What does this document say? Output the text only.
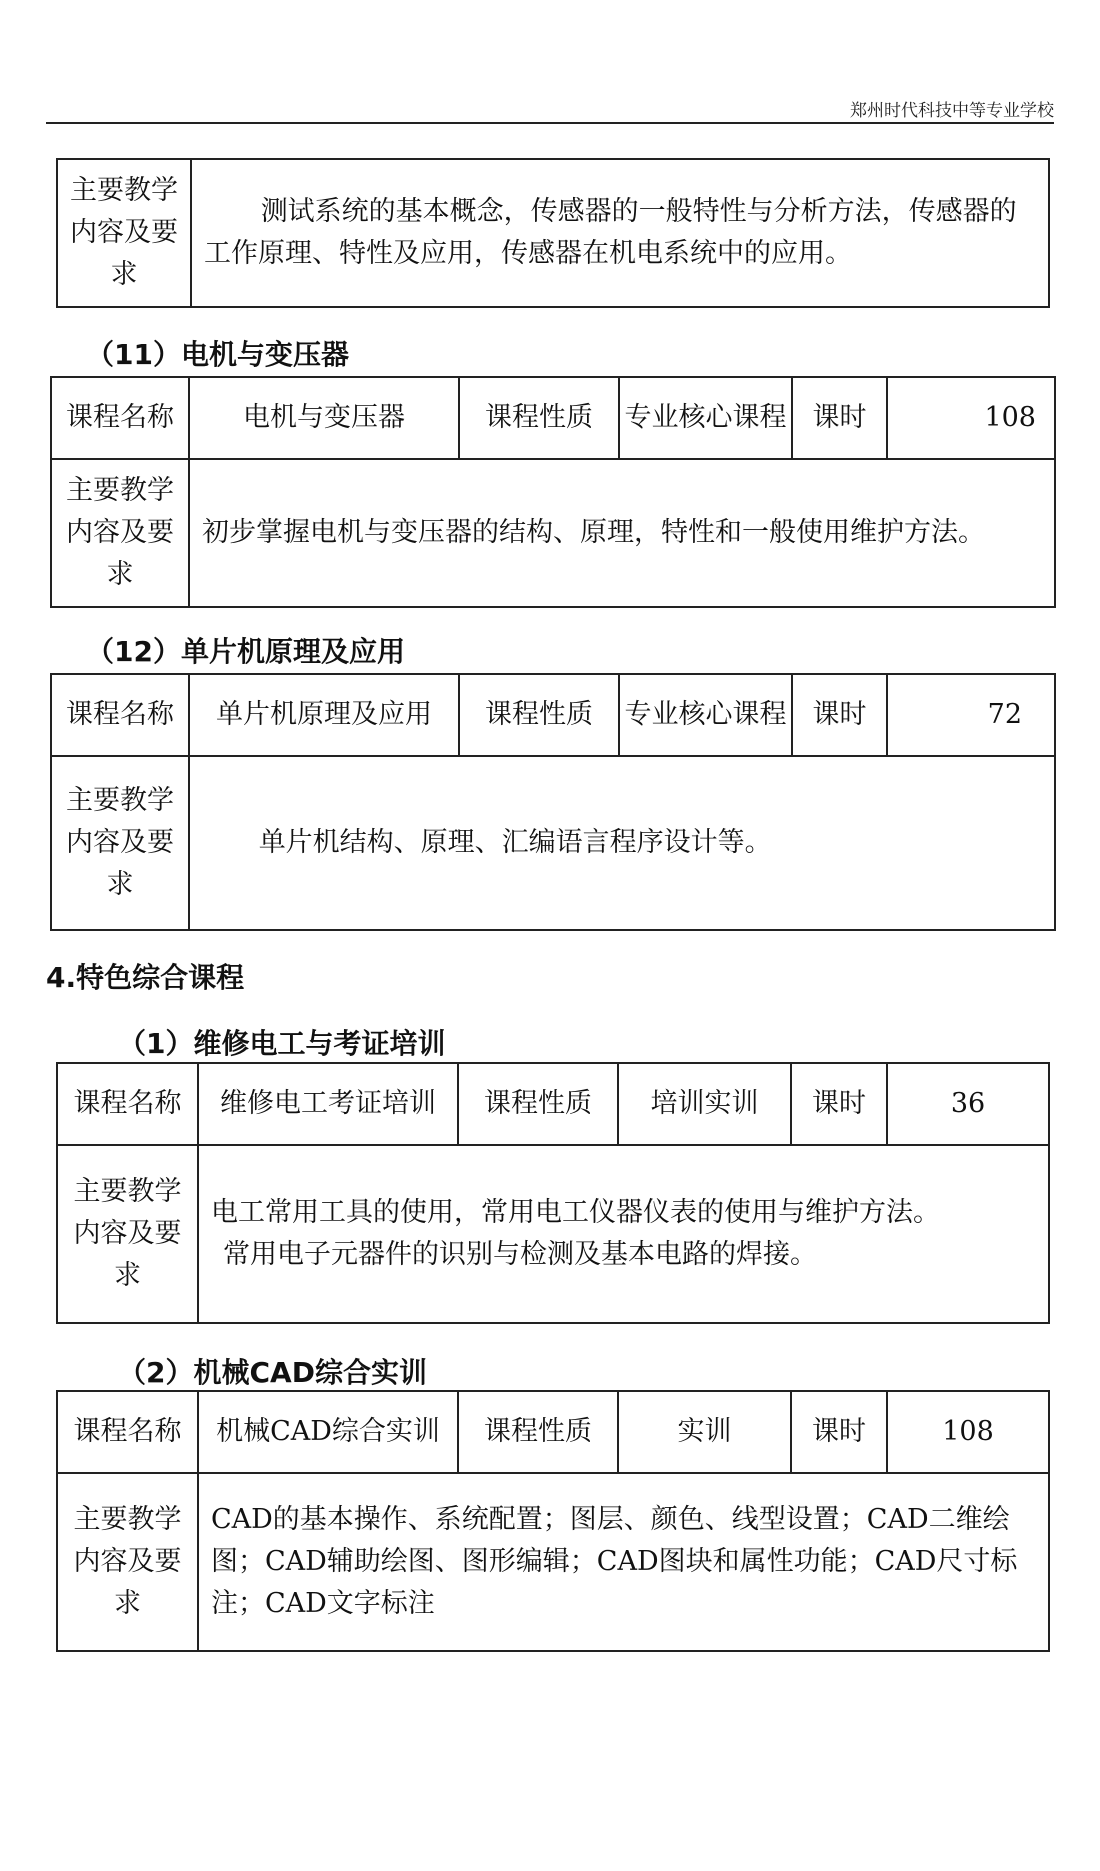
郑州时代科技中等专业学校
主要教学内容及要求	

测试系统的基本概念，传感器的一般特性与分析方法，传感器的工作原理、特性及应用，传感器在机电系统中的应用。

（11）电机与变压器
课程名称	电机与变压器	课程性质	专业核心课程	课时	108
主要教学内容及要求	初步掌握电机与变压器的结构、原理，特性和一般使用维护方法。				

（12）单片机原理及应用
课程名称	单片机原理及应用	课程性质	专业核心课程	课时	72
主要教学内容及要求	单片机结构、原理、汇编语言程序设计等。				

4.特色综合课程
（1）维修电工与考证培训
课程名称	维修电工考证培训	课程性质	培训实训	课时	36
主要教学内容及要求	电工常用工具的使用，常用电工仪器仪表的使用与维护方法。

常用电子元器件的识别与检测及基本电路的焊接。				

（2）机械CAD综合实训
课程名称	机械CAD综合实训	课程性质	实训	课时	108
主要教学内容及要求	CAD的基本操作、系统配置；图层、颜色、线型设置；CAD二维绘图；CAD辅助绘图、图形编辑；CAD图块和属性功能；CAD尺寸标注；CAD文字标注				
